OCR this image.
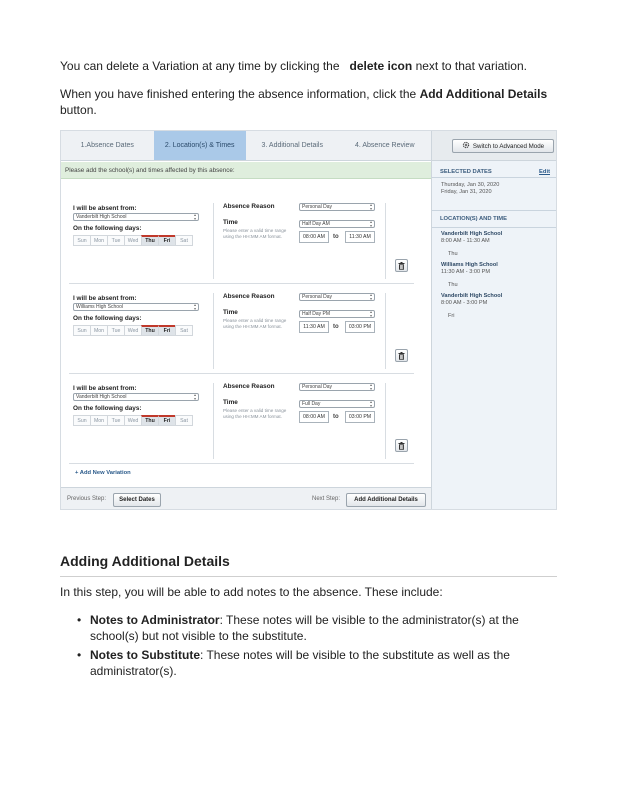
You can delete a Variation at any time by clicking the delete icon next to that variation.

When you have finished entering the absence information, click the Add Additional Details button.

1.Absence Dates	2. Location(s) & Times	3. Additional Details	4. Absence Review	Switch to Advanced Mode
Please add the school(s) and times affected by this absence:	SELECTED DATES	Edit
Thursday, Jan 30, 2020
Friday, Jan 31, 2020
LOCATION(S) AND TIME
Vanderbilt High School
8:00 AM - 11:30 AM
Thu
Williams High School
11:30 AM - 3:00 PM
Thu
Vanderbilt High School
8:00 AM - 3:00 PM
Fri
I will be absent from:
Vanderbilt High School ▴▾
On the following days:
Sun	Mon	Tue	Wed	Thu	Fri	Sat
Absence Reason	Personal Day ▴▾
Time	Half Day AM ▴▾
Please enter a valid time range using the HH:MM AM format.	08:00 AM	to	11:30 AM
I will be absent from:
Williams High School ▴▾
On the following days:
Sun	Mon	Tue	Wed	Thu	Fri	Sat
Absence Reason	Personal Day ▴▾
Time	Half Day PM ▴▾
Please enter a valid time range using the HH:MM AM format.	11:30 AM	to	03:00 PM
I will be absent from:
Vanderbilt High School ▴▾
On the following days:
Sun	Mon	Tue	Wed	Thu	Fri	Sat
Absence Reason	Personal Day ▴▾
Time	Full Day ▴▾
Please enter a valid time range using the HH:MM AM format.	08:00 AM	to	03:00 PM
+ Add New Variation
Previous Step:	Select Dates	Next Step:	Add Additional Details
Adding Additional Details

In this step, you will be able to add notes to the absence. These include:

• Notes to Administrator: These notes will be visible to the administrator(s) at the school(s) but not visible to the substitute.
• Notes to Substitute: These notes will be visible to the substitute as well as the administrator(s).
